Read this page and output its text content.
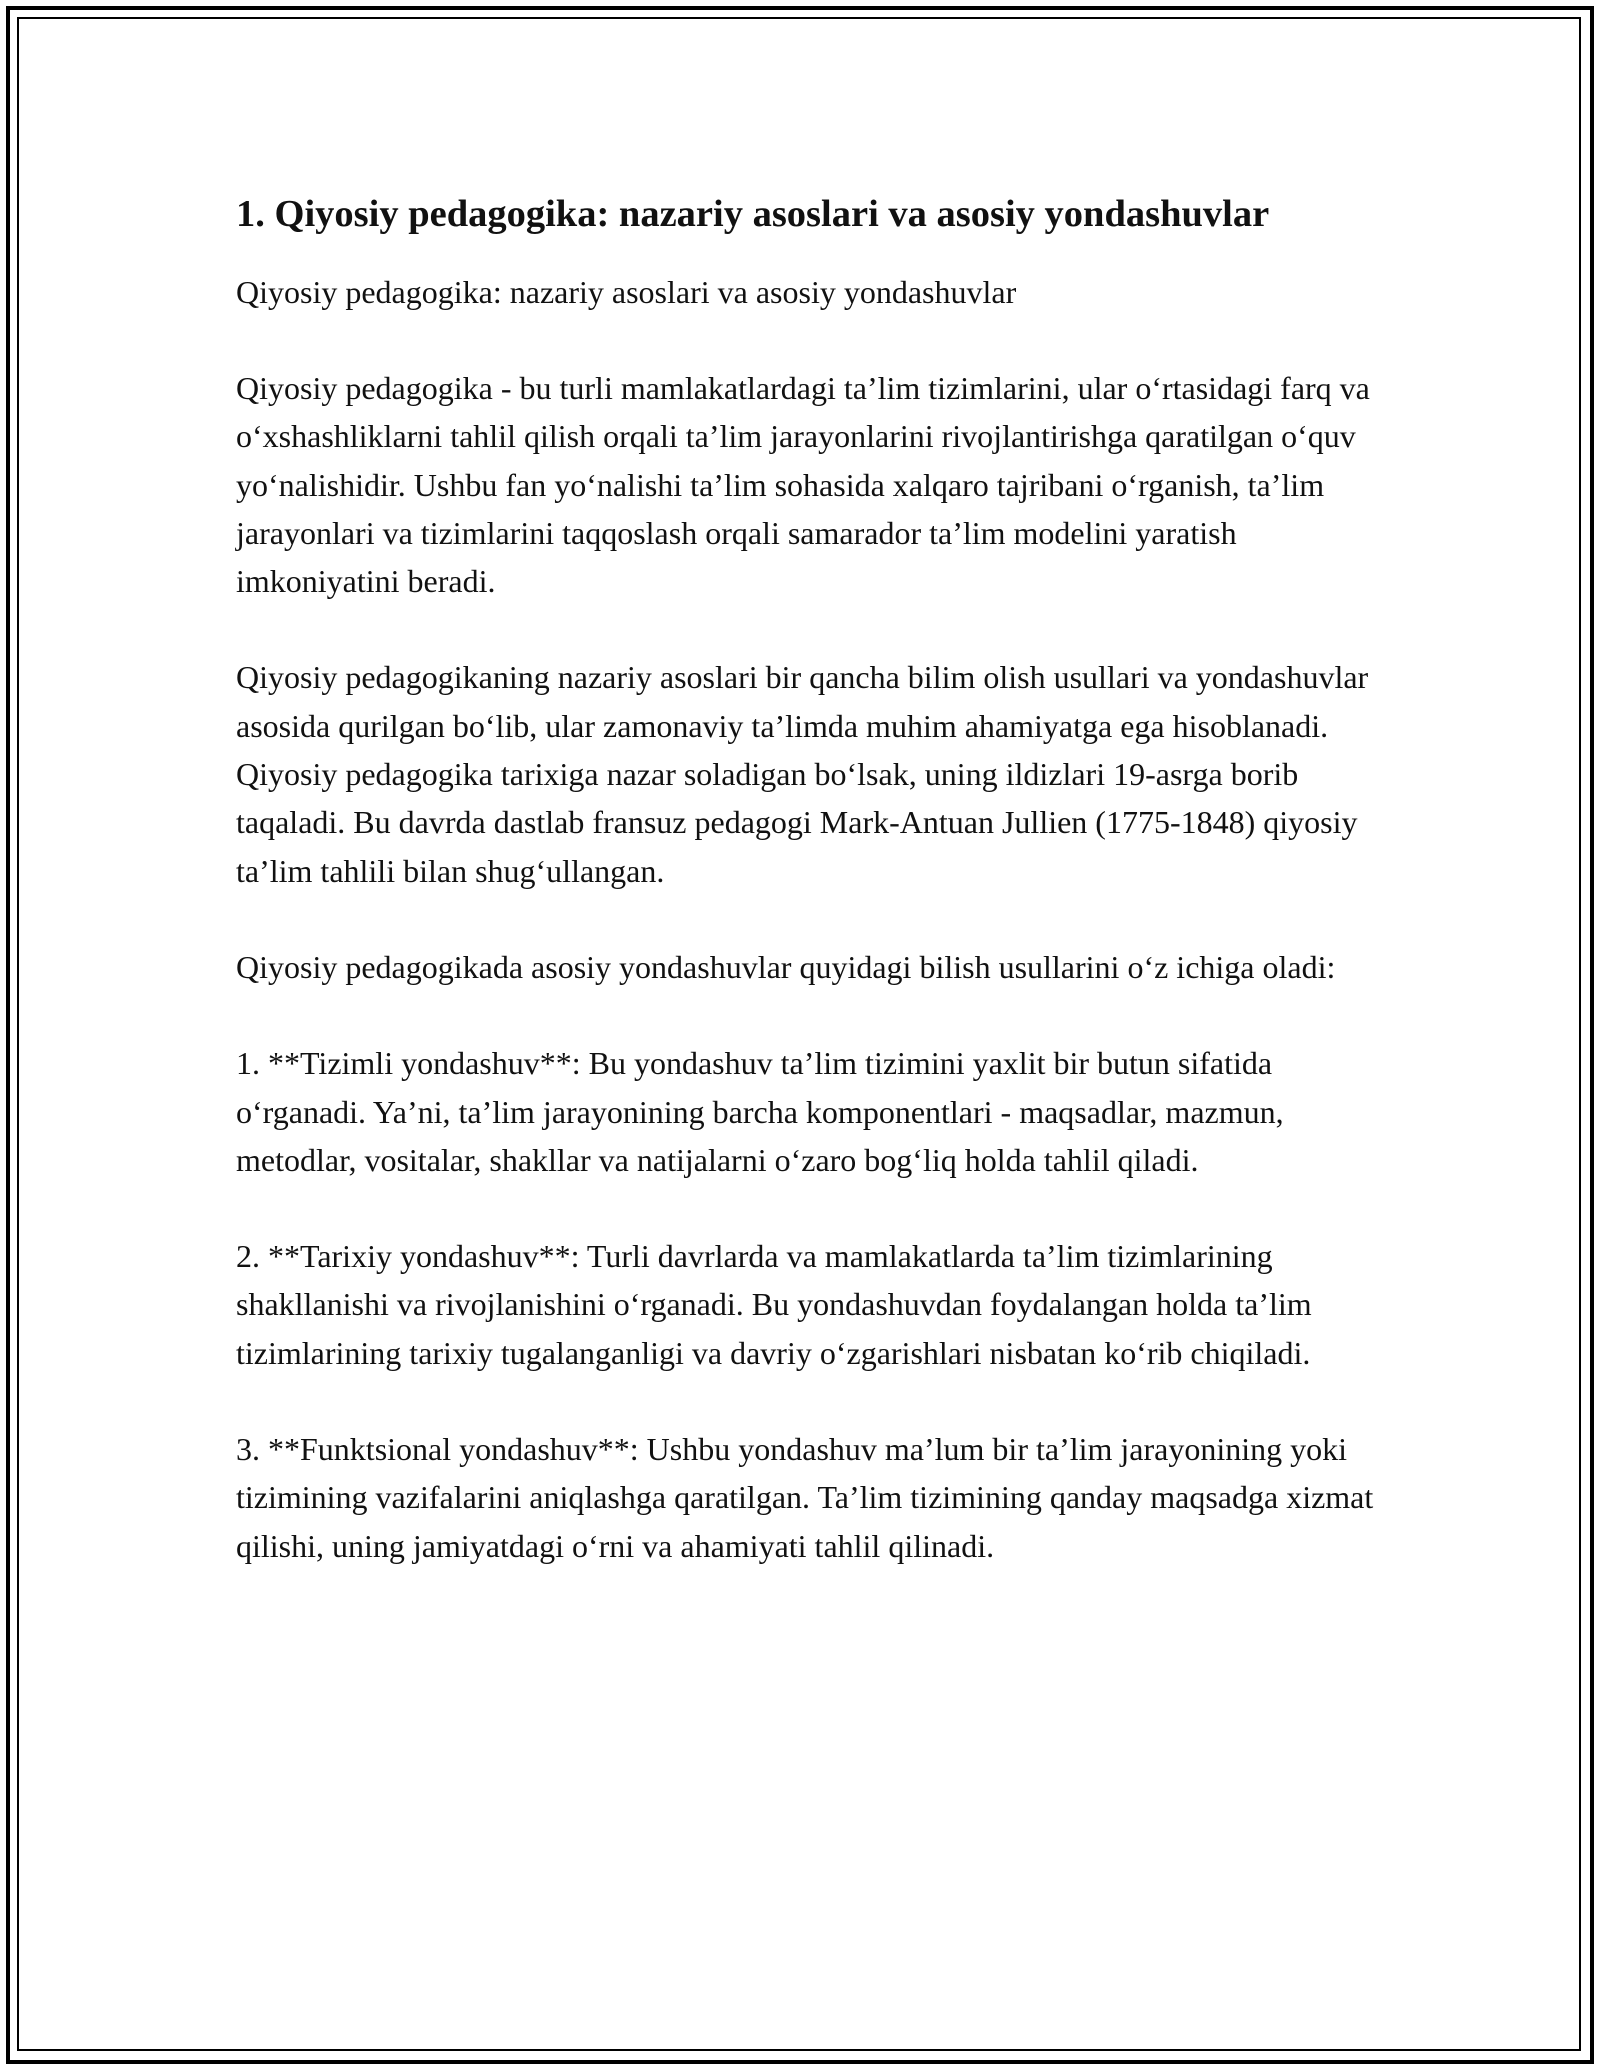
1. Qiyosiy pedagogika: nazariy asoslari va asosiy yondashuvlar

Qiyosiy pedagogika: nazariy asoslari va asosiy yondashuvlar

Qiyosiy pedagogika - bu turli mamlakatlardagi ta’lim tizimlarini, ular o‘rtasidagi farq va o‘xshashliklarni tahlil qilish orqali ta’lim jarayonlarini rivojlantirishga qaratilgan o‘quv yo‘nalishidir. Ushbu fan yo‘nalishi ta’lim sohasida xalqaro tajribani o‘rganish, ta’lim jarayonlari va tizimlarini taqqoslash orqali samarador ta’lim modelini yaratish imkoniyatini beradi.

Qiyosiy pedagogikaning nazariy asoslari bir qancha bilim olish usullari va yondashuvlar asosida qurilgan bo‘lib, ular zamonaviy ta’limda muhim ahamiyatga ega hisoblanadi. Qiyosiy pedagogika tarixiga nazar soladigan bo‘lsak, uning ildizlari 19-asrga borib taqaladi. Bu davrda dastlab fransuz pedagogi Mark-Antuan Jullien (1775-1848) qiyosiy ta’lim tahlili bilan shug‘ullangan.

Qiyosiy pedagogikada asosiy yondashuvlar quyidagi bilish usullarini o‘z ichiga oladi:

1. **Tizimli yondashuv**: Bu yondashuv ta’lim tizimini yaxlit bir butun sifatida o‘rganadi. Ya’ni, ta’lim jarayonining barcha komponentlari - maqsadlar, mazmun, metodlar, vositalar, shakllar va natijalarni o‘zaro bog‘liq holda tahlil qiladi.

2. **Tarixiy yondashuv**: Turli davrlarda va mamlakatlarda ta’lim tizimlarining shakllanishi va rivojlanishini o‘rganadi. Bu yondashuvdan foydalangan holda ta’lim tizimlarining tarixiy tugalanganligi va davriy o‘zgarishlari nisbatan ko‘rib chiqiladi.

3. **Funktsional yondashuv**: Ushbu yondashuv ma’lum bir ta’lim jarayonining yoki tizimining vazifalarini aniqlashga qaratilgan. Ta’lim tizimining qanday maqsadga xizmat qilishi, uning jamiyatdagi o‘rni va ahamiyati tahlil qilinadi.
